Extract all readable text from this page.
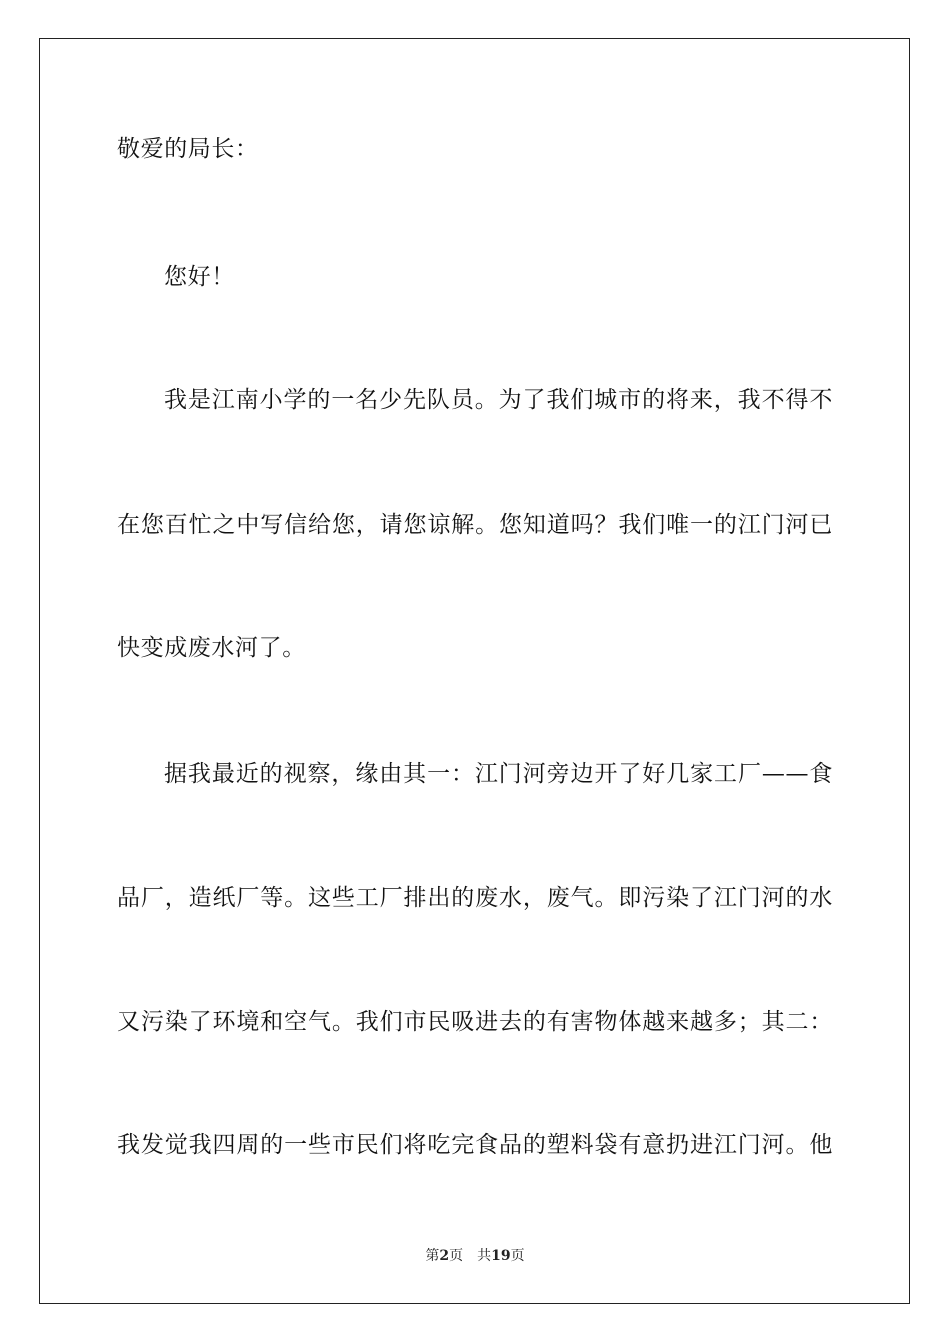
敬爱的局长：
您好！
我是江南小学的一名少先队员。为了我们城市的将来，我不得不
在您百忙之中写信给您，请您谅解。您知道吗？我们唯一的江门河已
快变成废水河了。
据我最近的视察，缘由其一：江门河旁边开了好几家工厂——食
品厂，造纸厂等。这些工厂排出的废水，废气。即污染了江门河的水
又污染了环境和空气。我们市民吸进去的有害物体越来越多；其二：
我发觉我四周的一些市民们将吃完食品的塑料袋有意扔进江门河。他
第2页 共19页
